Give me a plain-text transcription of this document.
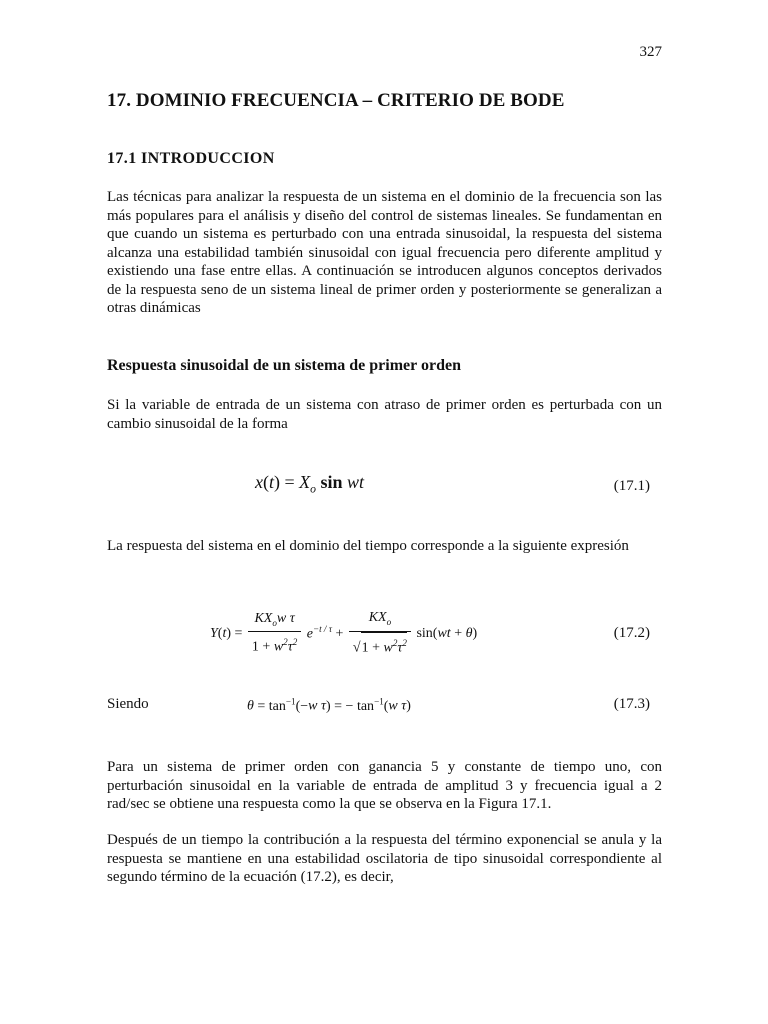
327
17. DOMINIO FRECUENCIA – CRITERIO DE BODE
17.1 INTRODUCCION

Las técnicas para analizar la respuesta de un sistema en el dominio de la frecuencia son las más populares para el análisis y diseño del control de sistemas lineales. Se fundamentan en que cuando un sistema es perturbado con una entrada sinusoidal, la respuesta del sistema alcanza una estabilidad también sinusoidal con igual frecuencia pero diferente amplitud y existiendo una fase entre ellas. A continuación se introducen algunos conceptos derivados de la respuesta seno de un sistema lineal de primer orden y posteriormente se generalizan a otras dinámicas

Respuesta sinusoidal de un sistema de primer orden

Si la variable de entrada de un sistema con atraso de primer orden es perturbada con un cambio sinusoidal de la forma

$x(t) = X_o$ sin wt	(17.1)

La respuesta del sistema en el dominio del tiempo corresponde a la siguiente expresión

$Y(t) = \frac{KX_ow \tau}{1 + w^2\tau^2} e^{-t / \tau} + \frac{KX_o}{√1 + w^2\tau^2} \sin(wt + \theta)$	(17.2)
Siendo	$\theta = \tan^{-1}(-w$ τ) = − $\tan^{-1}(w$ τ)	(17.3)

Para un sistema de primer orden con ganancia 5 y constante de tiempo uno, con perturbación sinusoidal en la variable de entrada de amplitud 3 y frecuencia igual a 2 rad/sec se obtiene una respuesta como la que se observa en la Figura 17.1.

Después de un tiempo la contribución a la respuesta del término exponencial se anula y la respuesta se mantiene en una estabilidad oscilatoria de tipo sinusoidal correspondiente al segundo término de la ecuación (17.2), es decir,
